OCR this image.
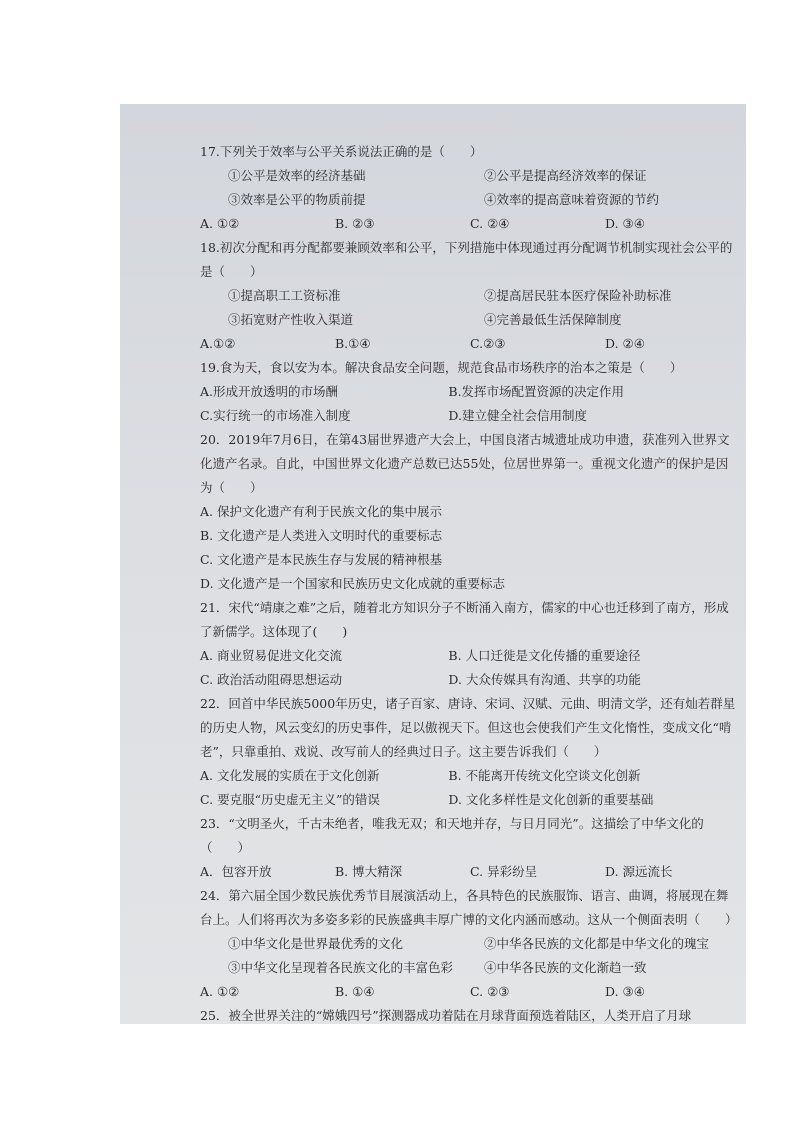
17.下列关于效率与公平关系说法正确的是（　　）
①公平是效率的经济基础	②公平是提高经济效率的保证
③效率是公平的物质前提	④效率的提高意味着资源的节约
A. ①②	B. ②③	C. ②④	D. ③④
18.初次分配和再分配都要兼顾效率和公平，下列措施中体现通过再分配调节机制实现社会公平的是（　　）
①提高职工工资标准	②提高居民驻本医疗保险补助标准
③拓宽财产性收入渠道	④完善最低生活保障制度
A.①②	B.①④	C.②③	D. ②④
19.食为天，食以安为本。解决食品安全问题，规范食品市场秩序的治本之策是（　　）
A.形成开放透明的市场酬	B.发挥市场配置资源的决定作用
C.实行统一的市场准入制度	D.建立健全社会信用制度
20．2019年7月6日，在第43届世界遗产大会上，中国良渚古城遗址成功申遗，获准列入世界文化遗产名录。自此，中国世界文化遗产总数已达55处，位居世界第一。重视文化遗产的保护是因为（　　）
A. 保护文化遗产有利于民族文化的集中展示
B. 文化遗产是人类进入文明时代的重要标志
C. 文化遗产是本民族生存与发展的精神根基
D. 文化遗产是一个国家和民族历史文化成就的重要标志
21．宋代“靖康之难”之后，随着北方知识分子不断涌入南方，儒家的中心也迁移到了南方，形成了新儒学。这体现了(　　)
A. 商业贸易促进文化交流	B. 人口迁徙是文化传播的重要途径
C. 政治活动阻碍思想运动	D. 大众传媒具有沟通、共享的功能
22．回首中华民族5000年历史，诸子百家、唐诗、宋词、汉赋、元曲、明清文学，还有灿若群星的历史人物，风云变幻的历史事件，足以傲视天下。但这也会使我们产生文化惰性，变成文化“啃老”，只靠重拍、戏说、改写前人的经典过日子。这主要告诉我们（　　）
A. 文化发展的实质在于文化创新	B. 不能离开传统文化空谈文化创新
C. 要克服“历史虚无主义”的错误	D. 文化多样性是文化创新的重要基础
23．“文明圣火，千古未绝者，唯我无双；和天地并存，与日月同光”。这描绘了中华文化的（　　）
A．包容开放	B. 博大精深	C. 异彩纷呈	D. 源远流长
24．第六届全国少数民族优秀节目展演活动上，各具特色的民族服饰、语言、曲调，将展现在舞台上。人们将再次为多姿多彩的民族盛典丰厚广博的文化内涵而感动。这从一个侧面表明（　　）
①中华文化是世界最优秀的文化	②中华各民族的文化都是中华文化的瑰宝
③中华文化呈现着各民族文化的丰富色彩	④中华各民族的文化渐趋一致
A. ①②	B. ①④	C. ②③	D. ③④
25．被全世界关注的“嫦娥四号”探测器成功着陆在月球背面预选着陆区，人类开启了月球
